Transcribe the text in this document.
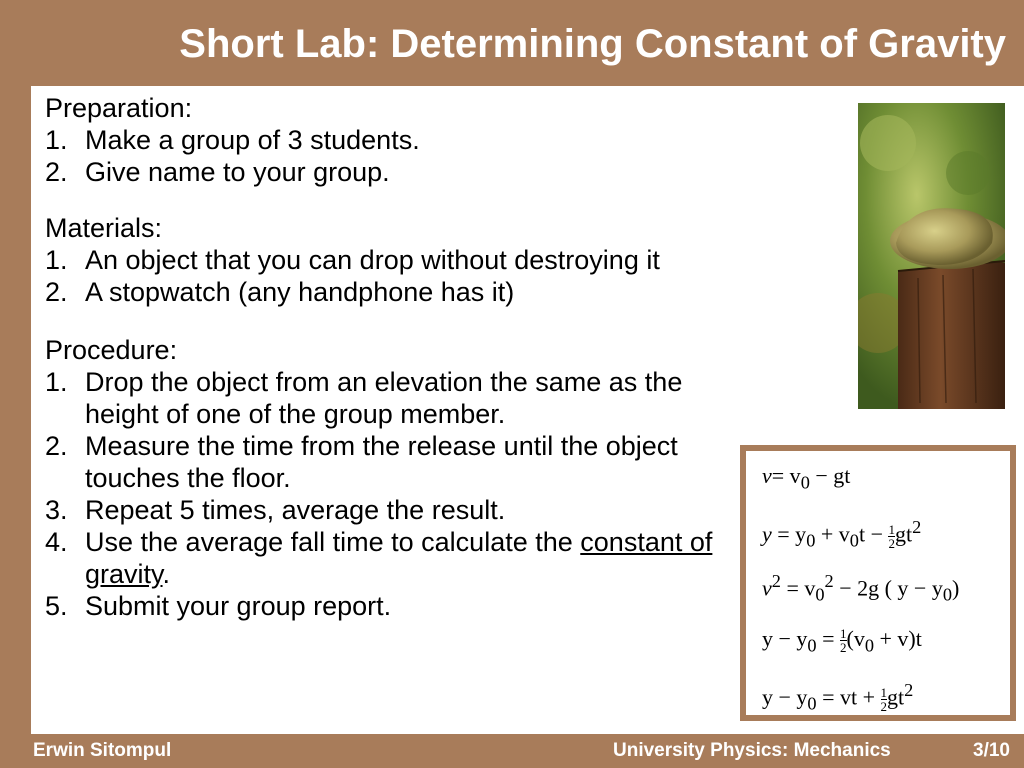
Short Lab: Determining Constant of Gravity
Preparation:
1. Make a group of 3 students.
2. Give name to your group.
Materials:
1. An object that you can drop without destroying it
2. A stopwatch (any handphone has it)
Procedure:
1. Drop the object from an elevation the same as the height of one of the group member.
2. Measure the time from the release until the object touches the floor.
3. Repeat 5 times, average the result.
4. Use the average fall time to calculate the constant of gravity.
5. Submit your group report.
$v= v_0$ − gt
$y = y_0 + v_0t - \frac{1}{2} gt^2$
$v^2 = v_0^2 - 2g$ ( $y - y_0$)
$y - y_0 = \frac{1}{2} (v_0 + v)t$
$y - y_0$ = vt + $\frac{1}{2} gt^2$
Erwin Sitompul	University Physics: Mechanics	3/10
